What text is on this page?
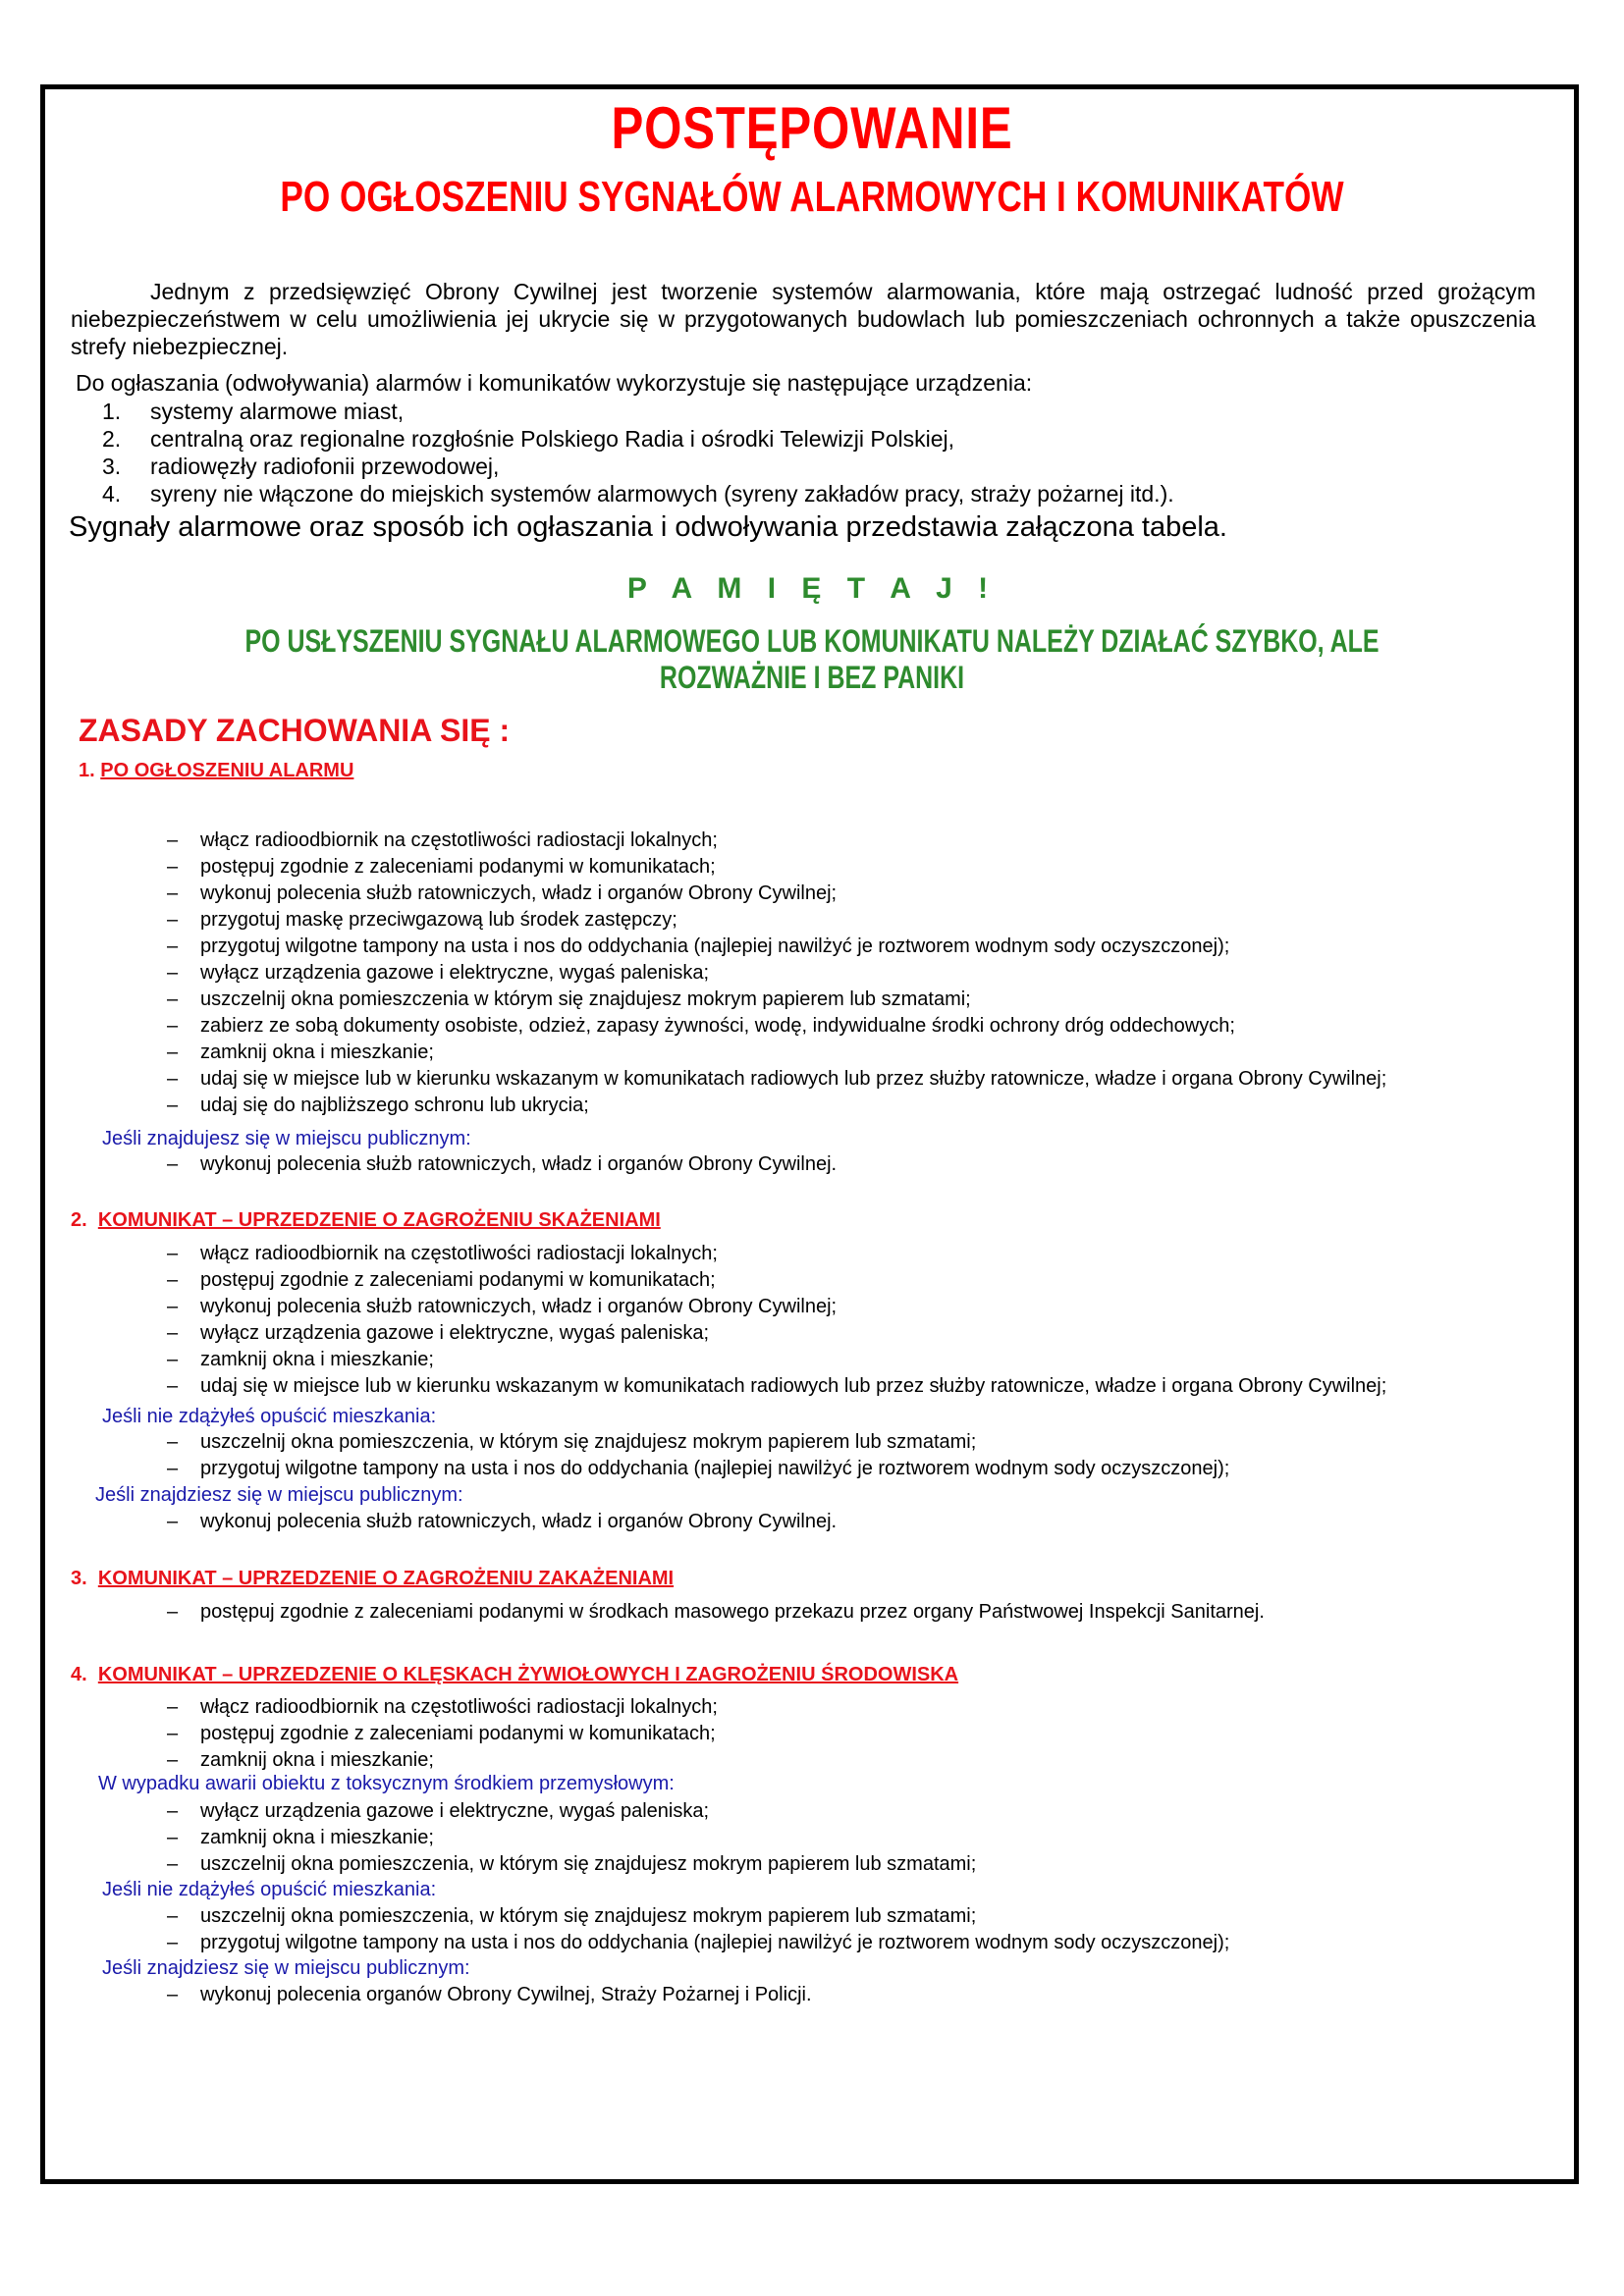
POSTĘPOWANIE
PO OGŁOSZENIU SYGNAŁÓW ALARMOWYCH I KOMUNIKATÓW
Jednym z przedsięwzięć Obrony Cywilnej jest tworzenie systemów alarmowania, które mają ostrzegać ludność przed grożącym niebezpieczeństwem w celu umożliwienia jej ukrycie się w przygotowanych budowlach lub pomieszczeniach ochronnych a także opuszczenia strefy niebezpiecznej.
Do ogłaszania (odwoływania) alarmów i komunikatów wykorzystuje się następujące urządzenia:
1. systemy alarmowe miast,
2. centralną oraz regionalne rozgłośnie Polskiego Radia i ośrodki Telewizji Polskiej,
3. radiowęzły radiofonii przewodowej,
4. syreny nie włączone do miejskich systemów alarmowych (syreny zakładów pracy, straży pożarnej itd.).
Sygnały alarmowe oraz sposób ich ogłaszania i odwoływania przedstawia załączona tabela.
P A M I Ę T A J !
PO USŁYSZENIU SYGNAŁU ALARMOWEGO LUB KOMUNIKATU NALEŻY DZIAŁAĆ SZYBKO, ALE ROZWAŻNIE I BEZ PANIKI
ZASADY ZACHOWANIA SIĘ :
1. PO OGŁOSZENIU ALARMU
– włącz radioodbiornik na częstotliwości radiostacji lokalnych;
– postępuj zgodnie z zaleceniami podanymi w komunikatach;
– wykonuj polecenia służb ratowniczych, władz i organów Obrony Cywilnej;
– przygotuj maskę przeciwgazową lub środek zastępczy;
– przygotuj wilgotne tampony na usta i nos do oddychania (najlepiej nawilżyć je roztworem wodnym sody oczyszczonej);
– wyłącz urządzenia gazowe i elektryczne, wygaś paleniska;
– uszczelnij okna pomieszczenia w którym się znajdujesz mokrym papierem lub szmatami;
– zabierz ze sobą dokumenty osobiste, odzież, zapasy żywności, wodę, indywidualne środki ochrony dróg oddechowych;
– zamknij okna i mieszkanie;
– udaj się w miejsce lub w kierunku wskazanym w komunikatach radiowych lub przez służby ratownicze, władze i organa Obrony Cywilnej;
– udaj się do najbliższego schronu lub ukrycia;
Jeśli znajdujesz się w miejscu publicznym:
– wykonuj polecenia służb ratowniczych, władz i organów Obrony Cywilnej.
2. KOMUNIKAT – UPRZEDZENIE O ZAGROŻENIU SKAŻENIAMI
– włącz radioodbiornik na częstotliwości radiostacji lokalnych;
– postępuj zgodnie z zaleceniami podanymi w komunikatach;
– wykonuj polecenia służb ratowniczych, władz i organów Obrony Cywilnej;
– wyłącz urządzenia gazowe i elektryczne, wygaś paleniska;
– zamknij okna i mieszkanie;
– udaj się w miejsce lub w kierunku wskazanym w komunikatach radiowych lub przez służby ratownicze, władze i organa Obrony Cywilnej;
Jeśli nie zdążyłeś opuścić mieszkania:
– uszczelnij okna pomieszczenia, w którym się znajdujesz mokrym papierem lub szmatami;
– przygotuj wilgotne tampony na usta i nos do oddychania (najlepiej nawilżyć je roztworem wodnym sody oczyszczonej);
Jeśli znajdziesz się w miejscu publicznym:
– wykonuj polecenia służb ratowniczych, władz i organów Obrony Cywilnej.
3. KOMUNIKAT – UPRZEDZENIE O ZAGROŻENIU ZAKAŻENIAMI
– postępuj zgodnie z zaleceniami podanymi w środkach masowego przekazu przez organy Państwowej Inspekcji Sanitarnej.
4. KOMUNIKAT – UPRZEDZENIE O KLĘSKACH ŻYWIOŁOWYCH I ZAGROŻENIU ŚRODOWISKA
– włącz radioodbiornik na częstotliwości radiostacji lokalnych;
– postępuj zgodnie z zaleceniami podanymi w komunikatach;
– zamknij okna i mieszkanie;
W wypadku awarii obiektu z toksycznym środkiem przemysłowym:
– wyłącz urządzenia gazowe i elektryczne, wygaś paleniska;
– zamknij okna i mieszkanie;
– uszczelnij okna pomieszczenia, w którym się znajdujesz mokrym papierem lub szmatami;
Jeśli nie zdążyłeś opuścić mieszkania:
– uszczelnij okna pomieszczenia, w którym się znajdujesz mokrym papierem lub szmatami;
– przygotuj wilgotne tampony na usta i nos do oddychania (najlepiej nawilżyć je roztworem wodnym sody oczyszczonej);
Jeśli znajdziesz się w miejscu publicznym:
– wykonuj polecenia organów Obrony Cywilnej, Straży Pożarnej i Policji.
